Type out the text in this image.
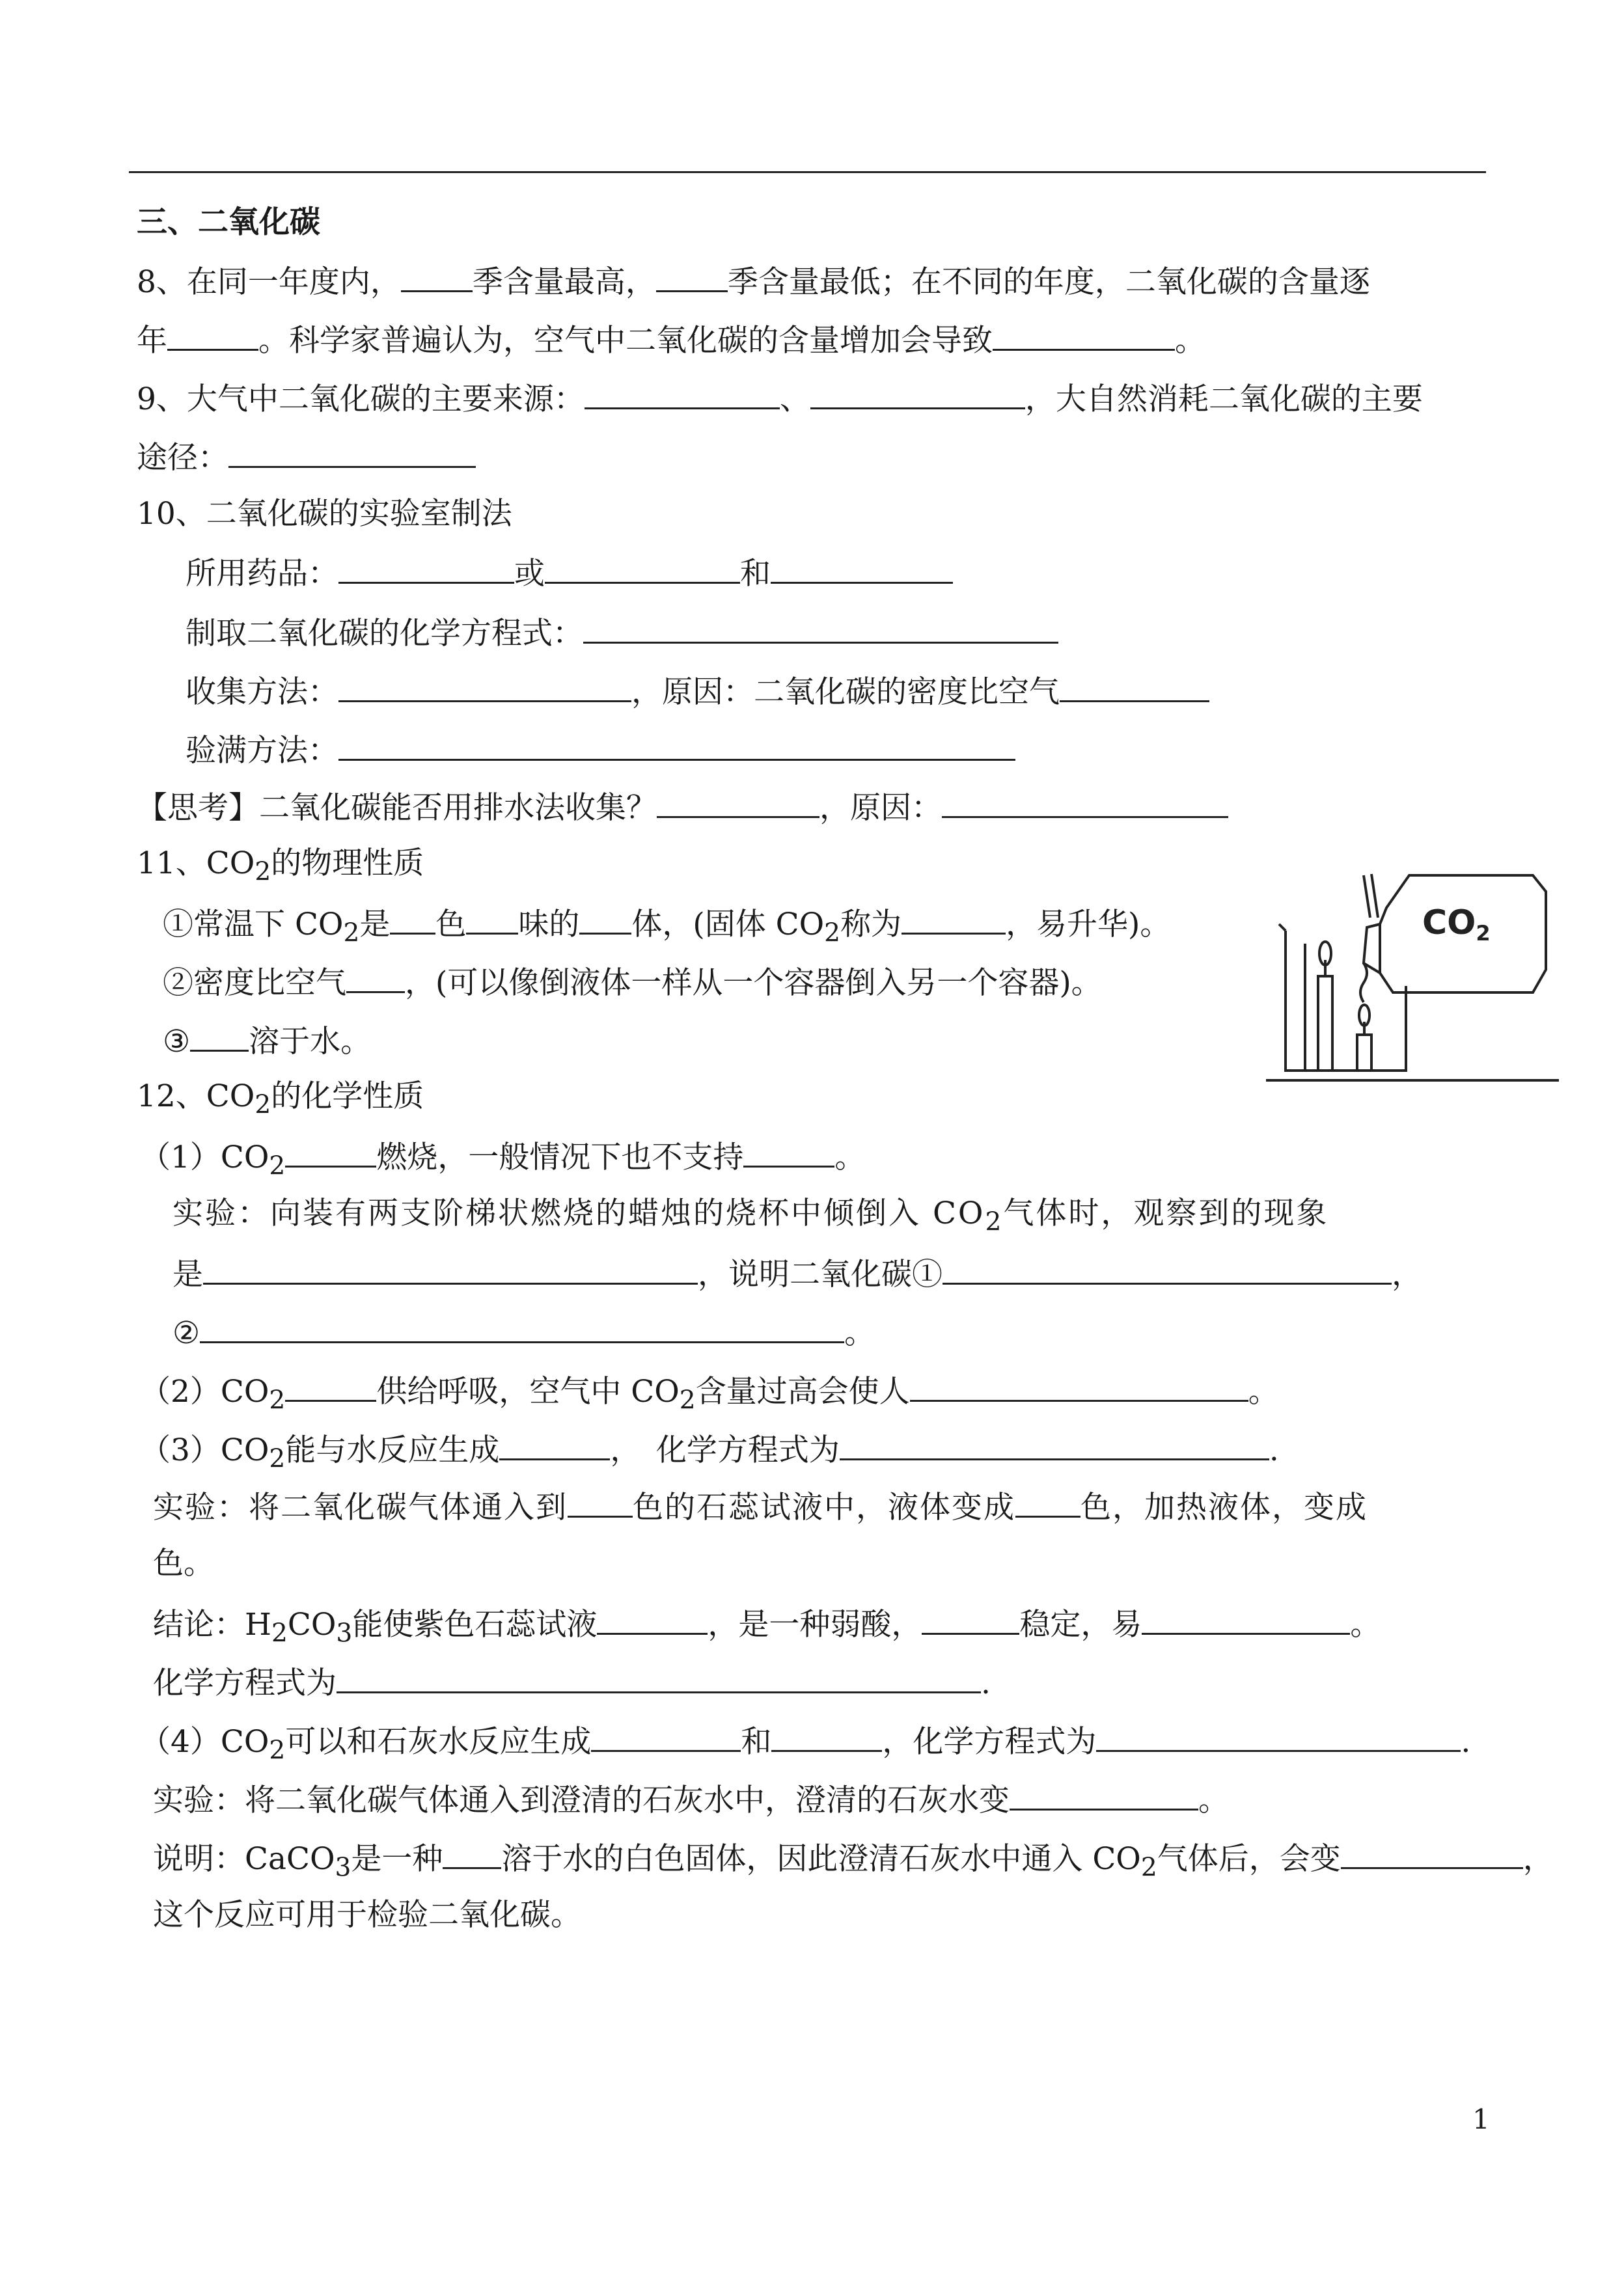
三、二氧化碳
8、在同一年度内， 季含量最高， 季含量最低；在不同的年度，二氧化碳的含量逐
年	。科学家普遍认为，空气中二氧化碳的含量增加会导致	。
9、大气中二氧化碳的主要来源：	、	，大自然消耗二氧化碳的主要
途径：
10、二氧化碳的实验室制法
所用药品：	或	和
制取二氧化碳的化学方程式：
收集方法：	，原因：二氧化碳的密度比空气
验满方法：
【思考】二氧化碳能否用排水法收集？	，原因：
11、$CO_2$的物理性质
①常温下 $CO_2$是 色 味的 体，(固体 $CO_2$称为	，易升华)。
②密度比空气 ，(可以像倒液体一样从一个容器倒入另一个容器)。
③ 溶于水。
CO2
12、$CO_2$的化学性质
$(1)CO_2$	燃烧，一般情况下也不支持	。
实验：向装有两支阶梯状燃烧的蜡烛的烧杯中倾倒入 $CO_2$气体时，观察到的现象
是	，说明二氧化碳①	，
②	。
$(2)CO_2$	供给呼吸，空气中 $CO_2$含量过高会使人	。
$(3)CO_2$能与水反应生成	，　化学方程式为	.
实验：将二氧化碳气体通入到 色的石蕊试液中，液体变成 色，加热液体，变成
色。
结论：$H_2CO_3$能使紫色石蕊试液	，是一种弱酸，	稳定，易	。
化学方程式为	.
$(4)CO_2$可以和石灰水反应生成	和	，化学方程式为	.
实验：将二氧化碳气体通入到澄清的石灰水中，澄清的石灰水变	。
说明：CaCO$_3$是一种 溶于水的白色固体，因此澄清石灰水中通入 $CO_2$气体后，会变	，
这个反应可用于检验二氧化碳。
1
